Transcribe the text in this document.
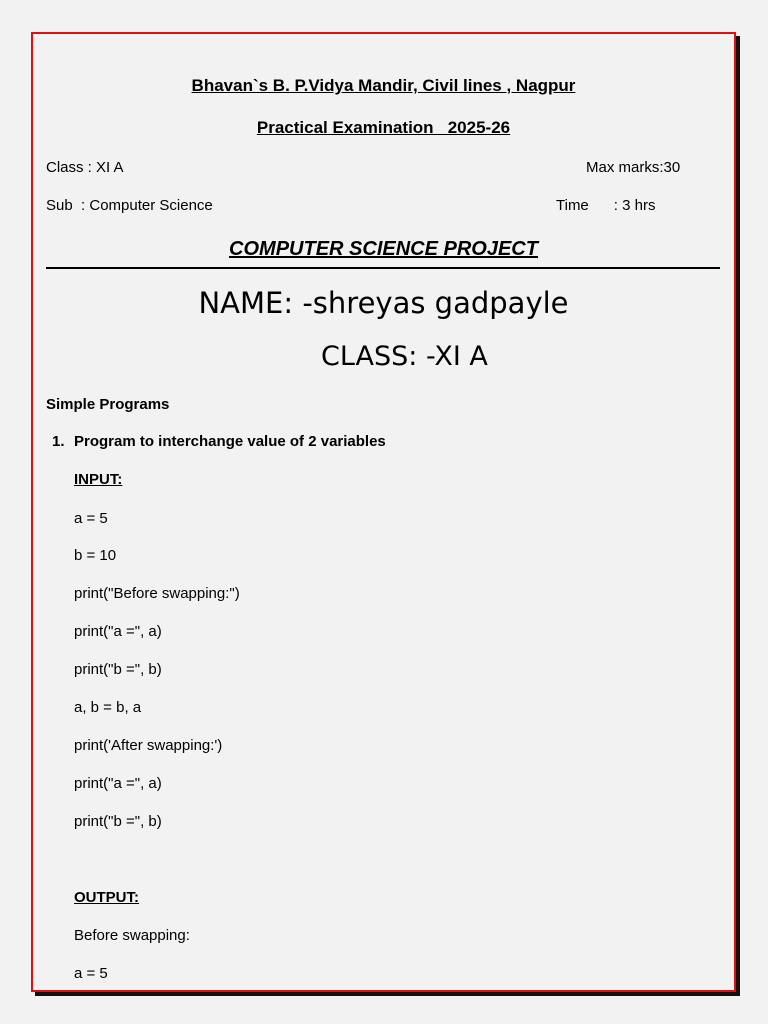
Bhavan`s B. P.Vidya Mandir, Civil lines , Nagpur
Practical Examination   2025-26
Class : XI A	Max marks:30
Sub  : Computer Science	Time      : 3 hrs
COMPUTER SCIENCE PROJECT
NAME: -shreyas gadpayle
CLASS: -XI A
Simple Programs
1. Program to interchange value of 2 variables
INPUT:
a = 5
b = 10
print("Before swapping:")
print("a =", a)
print("b =", b)
a, b = b, a
print('After swapping:')
print("a =", a)
print("b =", b)
OUTPUT:
Before swapping:
a = 5
